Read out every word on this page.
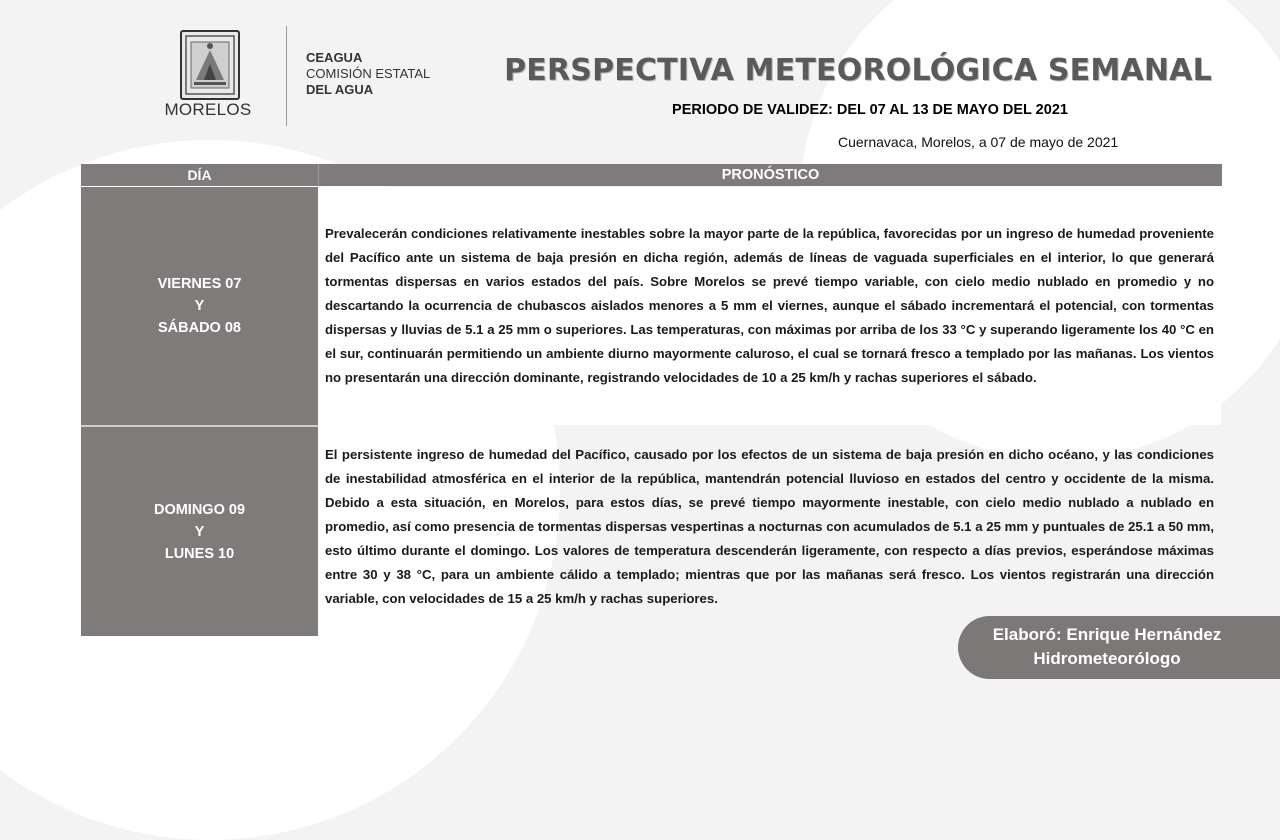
MORELOS
CEAGUA
COMISIÓN ESTATAL
DEL AGUA
PERSPECTIVA METEOROLÓGICA SEMANAL
PERIODO DE VALIDEZ: DEL 07 AL 13 DE MAYO DEL 2021
Cuernavaca, Morelos, a 07 de mayo de 2021
DÍA	PRONÓSTICO
VIERNES 07
Y
SÁBADO 08

Prevalecerán condiciones relativamente inestables sobre la mayor parte de la república, favorecidas por un ingreso de humedad proveniente del Pacífico ante un sistema de baja presión en dicha región, además de líneas de vaguada superficiales en el interior, lo que generará tormentas dispersas en varios estados del país. Sobre Morelos se prevé tiempo variable, con cielo medio nublado en promedio y no descartando la ocurrencia de chubascos aislados menores a 5 mm el viernes, aunque el sábado incrementará el potencial, con tormentas dispersas y lluvias de 5.1 a 25 mm o superiores. Las temperaturas, con máximas por arriba de los 33 °C y superando ligeramente los 40 °C en el sur, continuarán permitiendo un ambiente diurno mayormente caluroso, el cual se tornará fresco a templado por las mañanas. Los vientos no presentarán una dirección dominante, registrando velocidades de 10 a 25 km/h y rachas superiores el sábado.

DOMINGO 09
Y
LUNES 10

El persistente ingreso de humedad del Pacífico, causado por los efectos de un sistema de baja presión en dicho océano, y las condiciones de inestabilidad atmosférica en el interior de la república, mantendrán potencial lluvioso en estados del centro y occidente de la misma. Debido a esta situación, en Morelos, para estos días, se prevé tiempo mayormente inestable, con cielo medio nublado a nublado en promedio, así como presencia de tormentas dispersas vespertinas a nocturnas con acumulados de 5.1 a 25 mm y puntuales de 25.1 a 50 mm, esto último durante el domingo. Los valores de temperatura descenderán ligeramente, con respecto a días previos, esperándose máximas entre 30 y 38 °C, para un ambiente cálido a templado; mientras que por las mañanas será fresco. Los vientos registrarán una dirección variable, con velocidades de 15 a 25 km/h y rachas superiores.

Elaboró: Enrique Hernández
Hidrometeorólogo
